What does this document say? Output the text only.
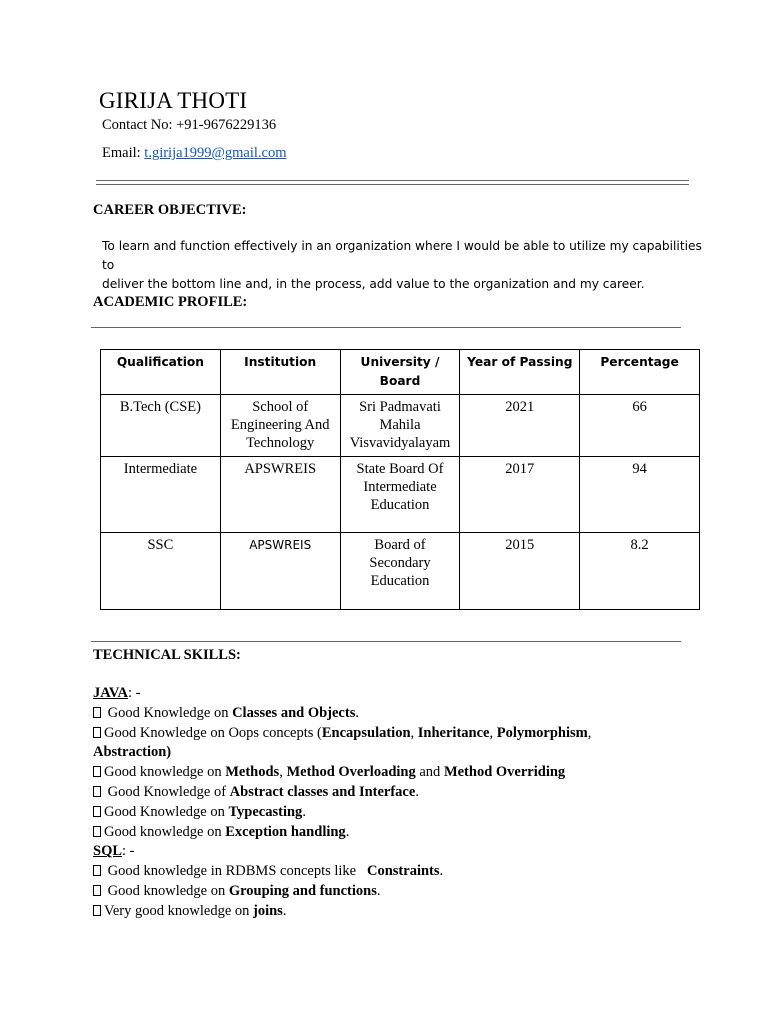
GIRIJA THOTI
Contact No: +91-9676229136
Email: t.girija1999@gmail.com
CAREER OBJECTIVE:
To learn and function effectively in an organization where I would be able to utilize my capabilities to
deliver the bottom line and, in the process, add value to the organization and my career.
ACADEMIC PROFILE:
Qualification	Institution	University / Board	Year of Passing	Percentage
B.Tech (CSE)	School of Engineering And Technology	Sri Padmavati Mahila Visvavidyalayam	2021	66
Intermediate	APSWREIS	State Board Of Intermediate Education	2017	94
SSC	APSWREIS	Board of Secondary Education	2015	8.2
TECHNICAL SKILLS:
JAVA: -
Good Knowledge on Classes and Objects.
Good Knowledge on Oops concepts (Encapsulation, Inheritance, Polymorphism,
Abstraction)
Good knowledge on Methods, Method Overloading and Method Overriding
Good Knowledge of Abstract classes and Interface.
Good Knowledge on Typecasting.
Good knowledge on Exception handling.
SQL: -
Good knowledge in RDBMS concepts like   Constraints.
Good knowledge on Grouping and functions.
Very good knowledge on joins.
